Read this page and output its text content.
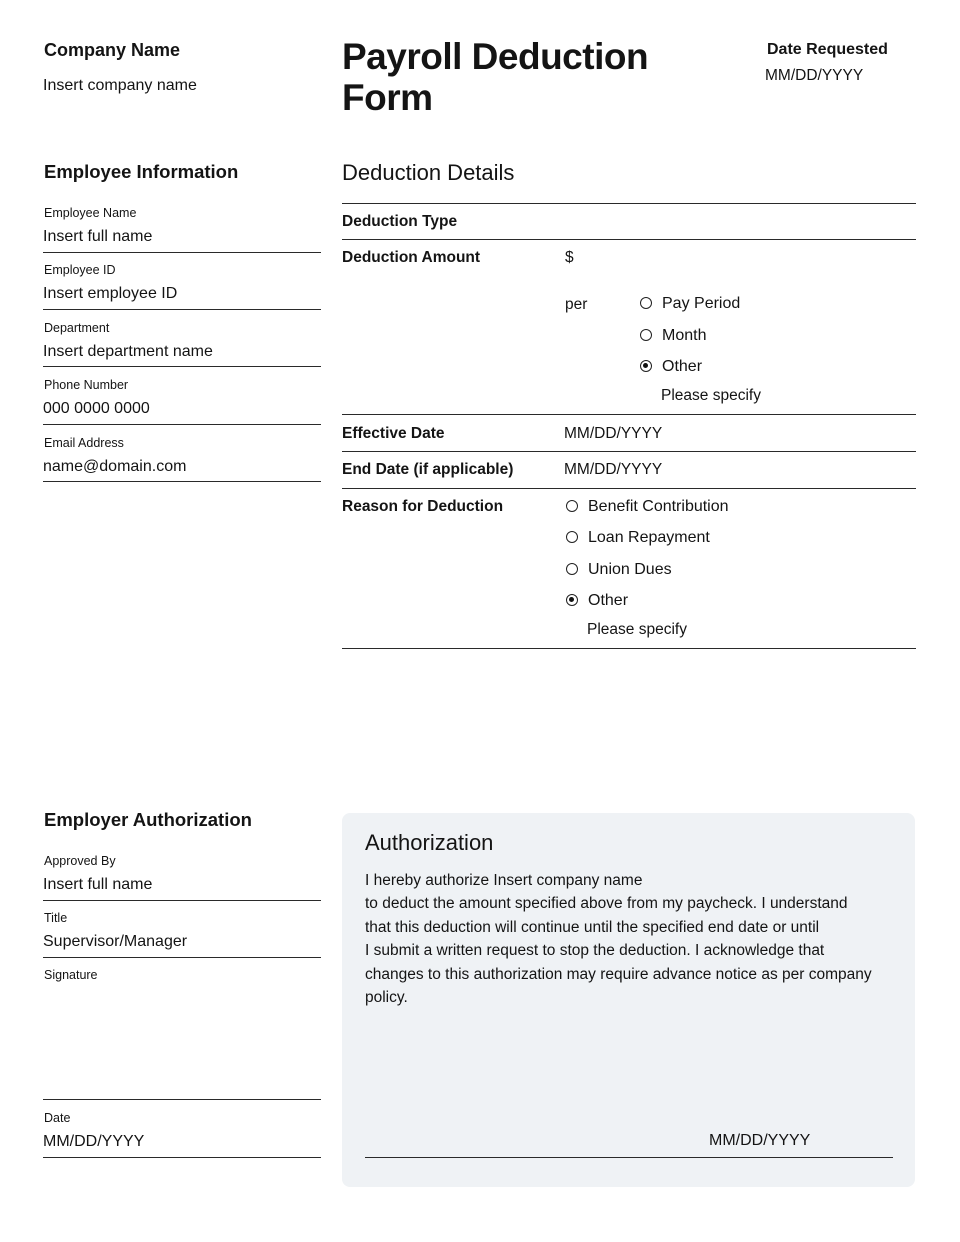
Company Name
Insert company name
Payroll Deduction Form
Date Requested
MM/DD/YYYY
Employee Information
Employee Name
Insert full name
Employee ID
Insert employee ID
Department
Insert department name
Phone Number
000 0000 0000
Email Address
name@domain.com
Deduction Details
Deduction Type
Deduction Amount	$
per	Pay Period
Month
Other
Please specify
Effective Date	MM/DD/YYYY
End Date (if applicable)	MM/DD/YYYY
Reason for Deduction	Benefit Contribution
Loan Repayment
Union Dues
Other
Please specify
Employer Authorization
Approved By
Insert full name
Title
Supervisor/Manager
Signature
Date
MM/DD/YYYY
Authorization
I hereby authorize Insert company name
to deduct the amount specified above from my paycheck. I understand
that this deduction will continue until the specified end date or until
I submit a written request to stop the deduction. I acknowledge that
changes to this authorization may require advance notice as per company
policy.
MM/DD/YYYY
